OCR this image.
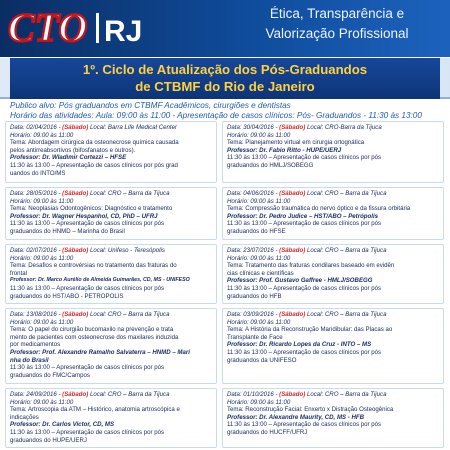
CTO RJ
Ética, Transparência e
Valorização Profissional
1º. Ciclo de Atualização dos Pós-Graduandos
de CTBMF do Rio de Janeiro
Publico alvo: Pós graduandos em CTBMF Acadêmicos, cirurgiões e dentistas
Horário das atividades: Aula: 09:00 às 11:00 - Apresentação de casos clínicos: Pós- Graduandos - 11:30 às 13:00
Data: 02/04/2016 - (Sábado) Local: Barra Life Medical Center
Horário: 09:00 às 11:00
Tema: Abordagem cirúrgica da osteonecrose química causada
pelos antirreabsortivos (bifosfanatos e outros).
Professor: Dr. Wladimir Cortezzi – HFSE
11:30 às 13:00 – Apresentação de casos clínicos por pós grad
uandos do INTO/MS
Data: 30/04/2016 - (Sábado) Local: CRO-Barra da Tijuca
Horário: 09:00 às 11:00
Tema: Planejamento virtual em cirurgia ortognática
Professor: Dr. Fabio Ritto - HUPE/UERJ
11:30 às 13:00 – Apresentação de casos clínicos por pós
graduandos do HMLJ/SOBEGG
Data: 28/05/2016 - (Sábado) Local: CRO – Barra da Tijuca
Horário: 09:00 às 11:00
Tema: Neoplasias Odontogênicos: Diagnóstico e tratamento
Professor: Dr. Wagner Hespanhol, CD, PhD – UFRJ
11:30 às 13:00 – Apresentação de casos clínicos por pós
graduandos do HNMD – Marinha do Brasil
Data: 04/06/2016 - (Sábado) Local: CRO – Barra da Tijuca
Horário: 09:00 às 11:00
Tema: Compressão traumática do nervo óptico e da fissura orbitária
Professor: Dr. Pedro Judice – HST/ABO – Petrópolis
11:30 às 13:00 – Apresentação de casos clínicos por pós
graduandos do HFSE
Data: 02/07/2016 - (Sábado) Local: Unifeso - Teresópolis
Horário: 09:00 às 11:00
Tema: Desafios e controvérsias no tratamento das fraturas do
frontal
Professor: Dr. Marco Aurélio de Almeida Guimarães, CD, MS - UNIFESO
11:30 às 13:00 – Apresentação de casos clínicos por pós
graduandos do HST/ABO - PETRÓPOLIS
Data: 23/07/2016 - (Sábado) Local: CRO – Barra da Tijuca
Horário: 09:00 às 11:00
Tema: Tratamento das fraturas condilares baseado em evidên
cias clínicas e científicas
Professor: Prof. Gustavo Gaffree - HMLJ/SOBEGG
11:30 às 13:00 – Apresentação de casos clínicos por pós
graduandos do HFB
Data: 13/08/2016 - (Sábado) Local: CRO – Barra da Tijuca
Horário: 09:00 às 11:00
Tema: O papel do cirurgião bucomaxilo na prevenção e trata
mento de pacientes com osteonecrose dos maxilares induzida
por medicamentos
Professor: Prof. Alexandre Ramalho Salvaterra – HNMD – Mari
nha do Brasil
11:30 às 13:00 – Apresentação de casos clínicos por pós
graduandos do FMC/Campos
Data: 03/09/2016 - (Sábado) Local: CRO – Barra da Tijuca
Horário: 09:00 às 11:00
Tema: A História da Reconstrução Mandibular: das Placas ao
Transplante de Face
Professor: Dr. Ricardo Lopes da Cruz - INTO – MS
11:30 às 13:00 – Apresentação de casos clínicos por pós
graduandos da UNIFESO
Data: 24/09/2016 - (Sábado) Local: CRO – Barra da Tijuca
Horário: 09:00 às 11:00
Tema: Artroscopia da ATM – Histórico, anatomia artroscópica e
indicações
Professor: Dr. Carlos Victor, CD, MS
11:30 às 13:00 – Apresentação de casos clínicos por pós
graduandos do HUPE/UERJ
Data: 01/10/2016 - (Sábado) Local: CRO – Barra da Tijuca
Horário: 09:00 às 11:00
Tema: Reconstrução Facial: Enxerto x Distração Osteogênica
Professor: Dr. Alexandre Maurity, CD, MS - HFB
11:30 às 13:00 – Apresentação de casos clínicos por pós
graduandos do HUCFF/UFRJ
